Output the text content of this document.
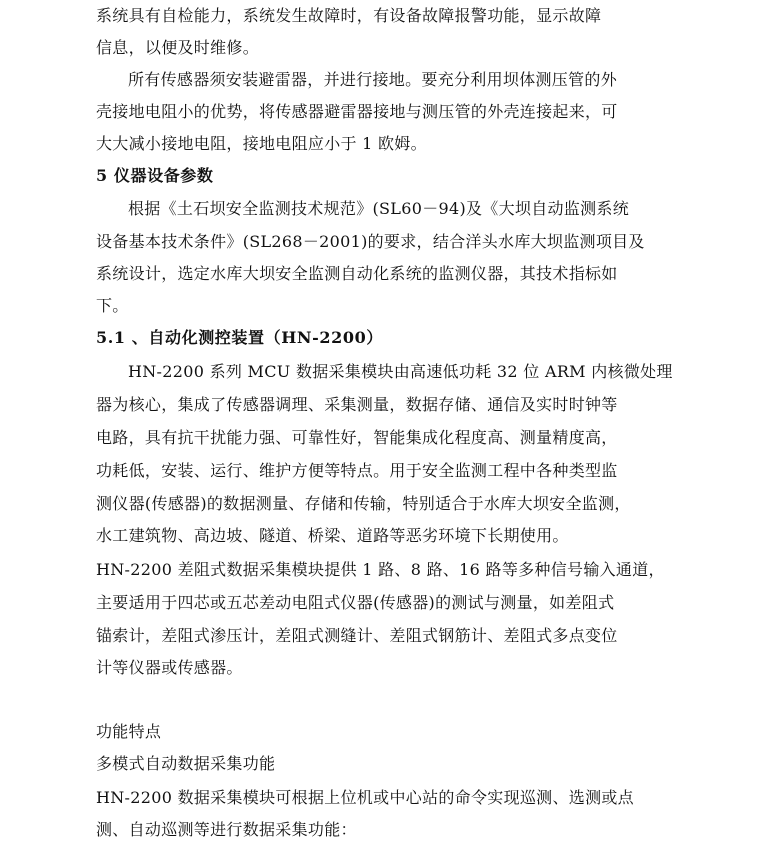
系统具有自检能力，系统发生故障时，有设备故障报警功能，显示故障
信息，以便及时维修。
所有传感器须安装避雷器，并进行接地。要充分利用坝体测压管的外
壳接地电阻小的优势，将传感器避雷器接地与测压管的外壳连接起来，可
大大减小接地电阻，接地电阻应小于 1 欧姆。
5 仪器设备参数
根据《土石坝安全监测技术规范》(SL60－94)及《大坝自动监测系统
设备基本技术条件》(SL268－2001)的要求，结合洋头水库大坝监测项目及
系统设计，选定水库大坝安全监测自动化系统的监测仪器，其技术指标如
下。
5.1 、自动化测控装置（HN-2200）
HN-2200 系列 MCU 数据采集模块由高速低功耗 32 位 ARM 内核微处理
器为核心，集成了传感器调理、采集测量，数据存储、通信及实时时钟等
电路，具有抗干扰能力强、可靠性好，智能集成化程度高、测量精度高，
功耗低，安装、运行、维护方便等特点。用于安全监测工程中各种类型监
测仪器(传感器)的数据测量、存储和传输，特别适合于水库大坝安全监测，
水工建筑物、高边坡、隧道、桥梁、道路等恶劣环境下长期使用。
HN-2200 差阻式数据采集模块提供 1 路、8 路、16 路等多种信号输入通道，
主要适用于四芯或五芯差动电阻式仪器(传感器)的测试与测量，如差阻式
锚索计，差阻式渗压计，差阻式测缝计、差阻式钢筋计、差阻式多点变位
计等仪器或传感器。
功能特点
多模式自动数据采集功能
HN-2200 数据采集模块可根据上位机或中心站的命令实现巡测、选测或点
测、自动巡测等进行数据采集功能：
